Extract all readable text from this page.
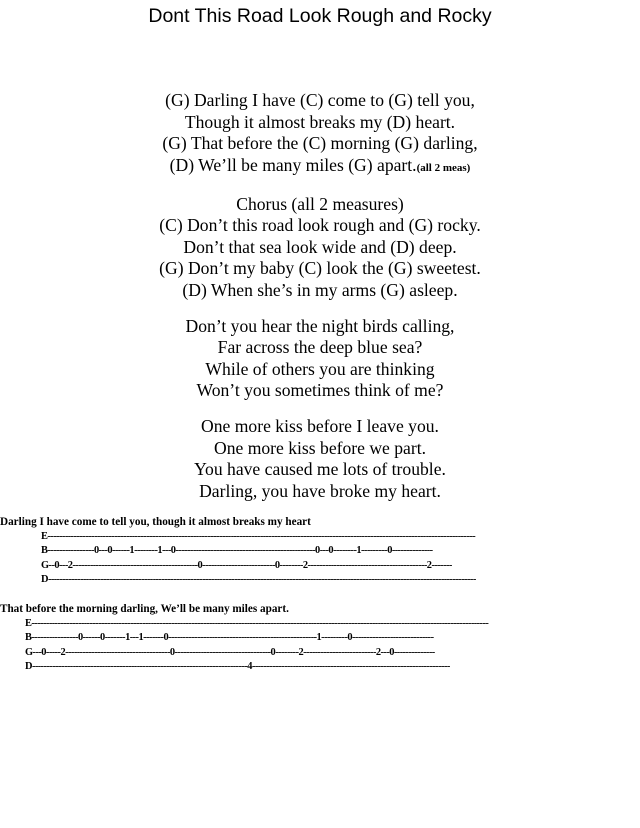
Dont This Road Look Rough and Rocky
(G) Darling I have (C) come to (G) tell you,
Though it almost breaks my (D) heart.
(G) That before the (C) morning (G) darling,
(D) We’ll be many miles (G) apart.(all 2 meas)
Chorus (all 2 measures)
(C) Don’t this road look rough and (G) rocky.
Don’t that sea look wide and (D) deep.
(G) Don’t my baby (C) look the (G) sweetest.
(D) When she’s in my arms (G) asleep.
Don’t you hear the night birds calling,
Far across the deep blue sea?
While of others you are thinking
Won’t you sometimes think of me?
One more kiss before I leave you.
One more kiss before we part.
You have caused me lots of trouble.
Darling, you have broke my heart.
Darling I have come to tell you, though it almost breaks my heart
E---------------------------------------------------------------------------------------------------------------------------------------------------
B----------------0---0------1--------1---0------------------------------------------------0---0--------1---------0--------------
G--0---2-------------------------------------------0-------------------------0--------2-----------------------------------------2-------
D---------------------------------------------------------------------------------------------------------------------------------------------------
That before the morning darling, We’ll be many miles apart.
E-------------------------------------------------------------------------------------------------------------------------------------------------------------
B----------------0------0-------1---1-------0---------------------------------------------------1---------0----------------------------
G---0-----2------------------------------------0---------------------------------0--------2-------------------------2---0--------------
D--------------------------------------------------------------------------4--------------------------------------------------------------------
